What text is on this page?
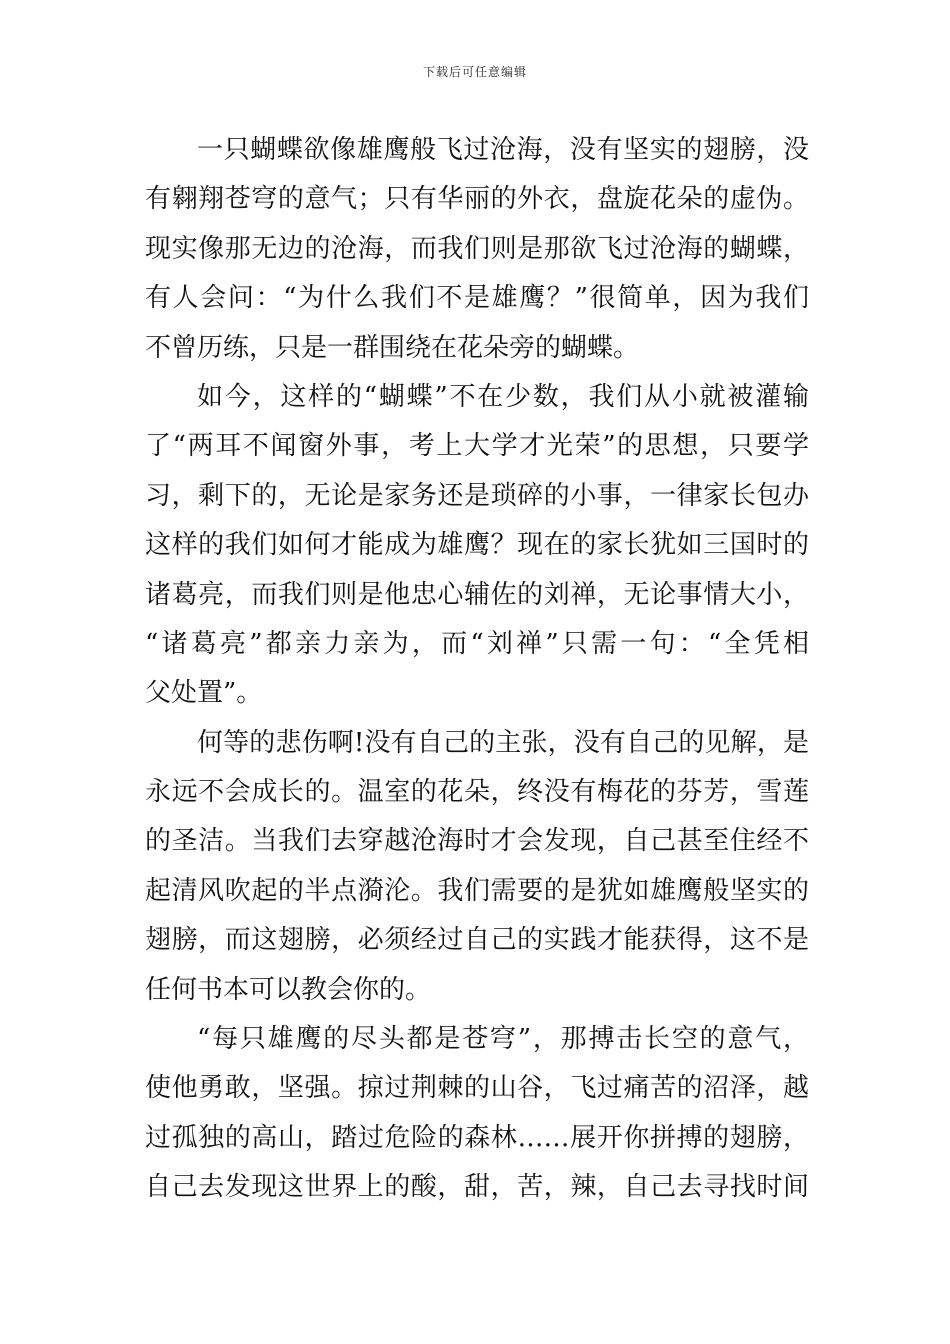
下载后可任意编辑
一只蝴蝶欲像雄鹰般飞过沧海，没有坚实的翅膀，没
有翱翔苍穹的意气；只有华丽的外衣，盘旋花朵的虚伪。
现实像那无边的沧海，而我们则是那欲飞过沧海的蝴蝶，
有人会问：“为什么我们不是雄鹰？”很简单，因为我们
不曾历练，只是一群围绕在花朵旁的蝴蝶。
如今，这样的“蝴蝶”不在少数，我们从小就被灌输
了“两耳不闻窗外事，考上大学才光荣”的思想，只要学
习，剩下的，无论是家务还是琐碎的小事，一律家长包办
这样的我们如何才能成为雄鹰？现在的家长犹如三国时的
诸葛亮，而我们则是他忠心辅佐的刘禅，无论事情大小，
“诸葛亮”都亲力亲为，而“刘禅”只需一句：“全凭相
父处置”。
何等的悲伤啊!没有自己的主张，没有自己的见解，是
永远不会成长的。温室的花朵，终没有梅花的芬芳，雪莲
的圣洁。当我们去穿越沧海时才会发现，自己甚至住经不
起清风吹起的半点漪沦。我们需要的是犹如雄鹰般坚实的
翅膀，而这翅膀，必须经过自己的实践才能获得，这不是
任何书本可以教会你的。
“每只雄鹰的尽头都是苍穹”，那搏击长空的意气，
使他勇敢，坚强。掠过荆棘的山谷，飞过痛苦的沼泽，越
过孤独的高山，踏过危险的森林……展开你拼搏的翅膀，
自己去发现这世界上的酸，甜，苦，辣，自己去寻找时间
